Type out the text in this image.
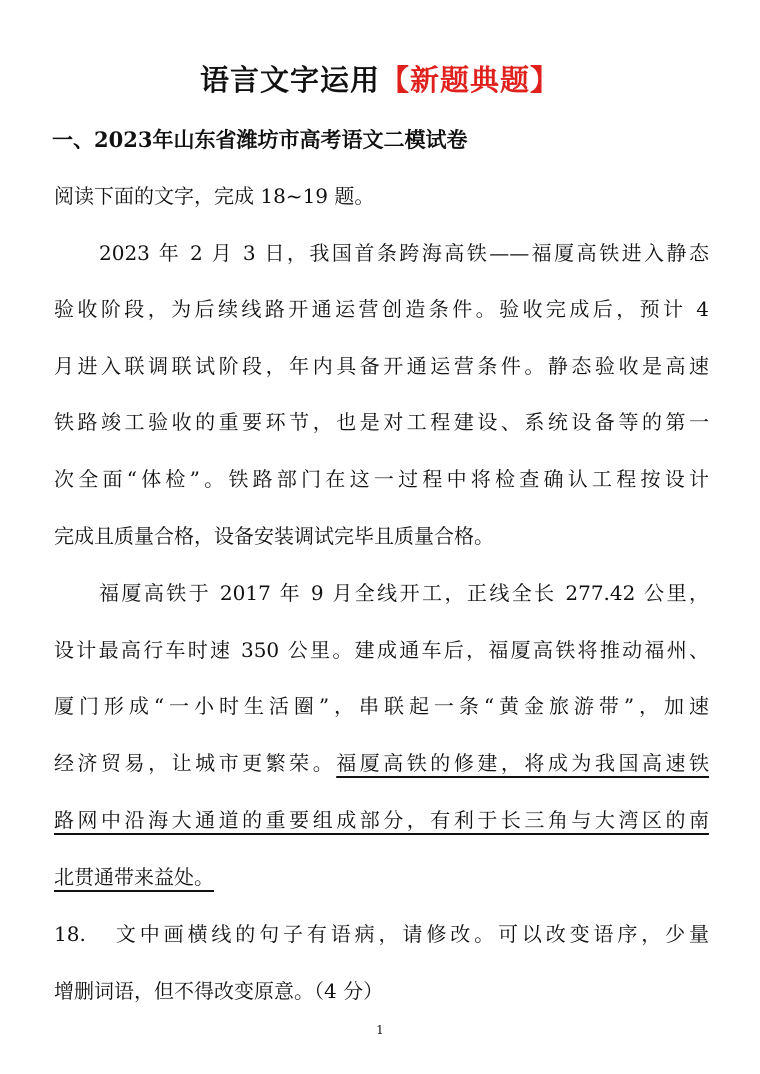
语言文字运用【新题典题】
一、2023年山东省潍坊市高考语文二模试卷
阅读下面的文字，完成 18~19 题。
2023 年 2 月 3 日，我国首条跨海高铁——福厦高铁进入静态
验收阶段，为后续线路开通运营创造条件。验收完成后，预计 4
月进入联调联试阶段，年内具备开通运营条件。静态验收是高速
铁路竣工验收的重要环节，也是对工程建设、系统设备等的第一
次全面“体检”。铁路部门在这一过程中将检查确认工程按设计
完成且质量合格，设备安装调试完毕且质量合格。
福厦高铁于 2017 年 9 月全线开工，正线全长 277.42 公里，
设计最高行车时速 350 公里。建成通车后，福厦高铁将推动福州、
厦门形成“一小时生活圈”，串联起一条“黄金旅游带”，加速
经济贸易，让城市更繁荣。福厦高铁的修建，将成为我国高速铁
路网中沿海大通道的重要组成部分，有利于长三角与大湾区的南
北贯通带来益处。
18. 文中画横线的句子有语病，请修改。可以改变语序，少量
增删词语，但不得改变原意。（4 分）
1
